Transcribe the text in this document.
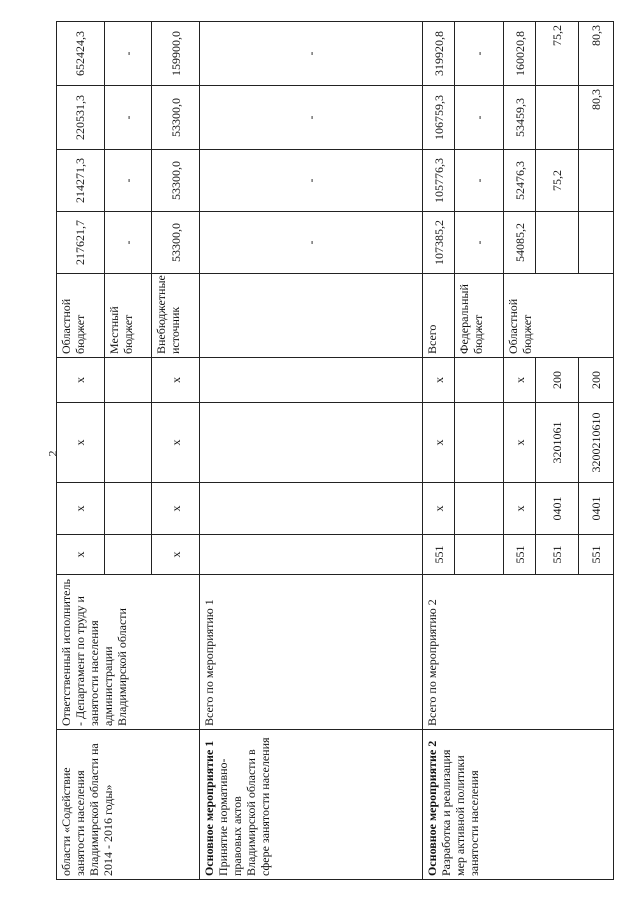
2
области «Содействие занятости населения Владимирской области на 2014 - 2016 годы»	Ответственный исполнитель - Департамент по труду и занятости населения администрации Владимирской области	х	х	х	х	Областной бюджет	217621,7	214271,3	220531,3	652424,3
						Местный бюджет	-	-	-	-
		х	х	х	х	Внебюджетные источник	53300,0	53300,0	53300,0	159900,0
Основное мероприятие 1 Принятие нормативно-правовых актов Владимирской области в сфере занятости населения	Всего по мероприятию 1						-	-	-	-
Основное мероприятие 2 Разработка и реализация мер активной политики занятости населения	Всего по мероприятию 2	551	х	х	х	Всего	107385,2	105776,3	106759,3	319920,8
						Федеральный бюджет	-	-	-	-
		551	х	х	х	Областной бюджет	54085,2	52476,3	53459,3	160020,8
		551	0401	3201061	200			75,2		75,2
		551	0401	3200210610	200				80,3	80,3
